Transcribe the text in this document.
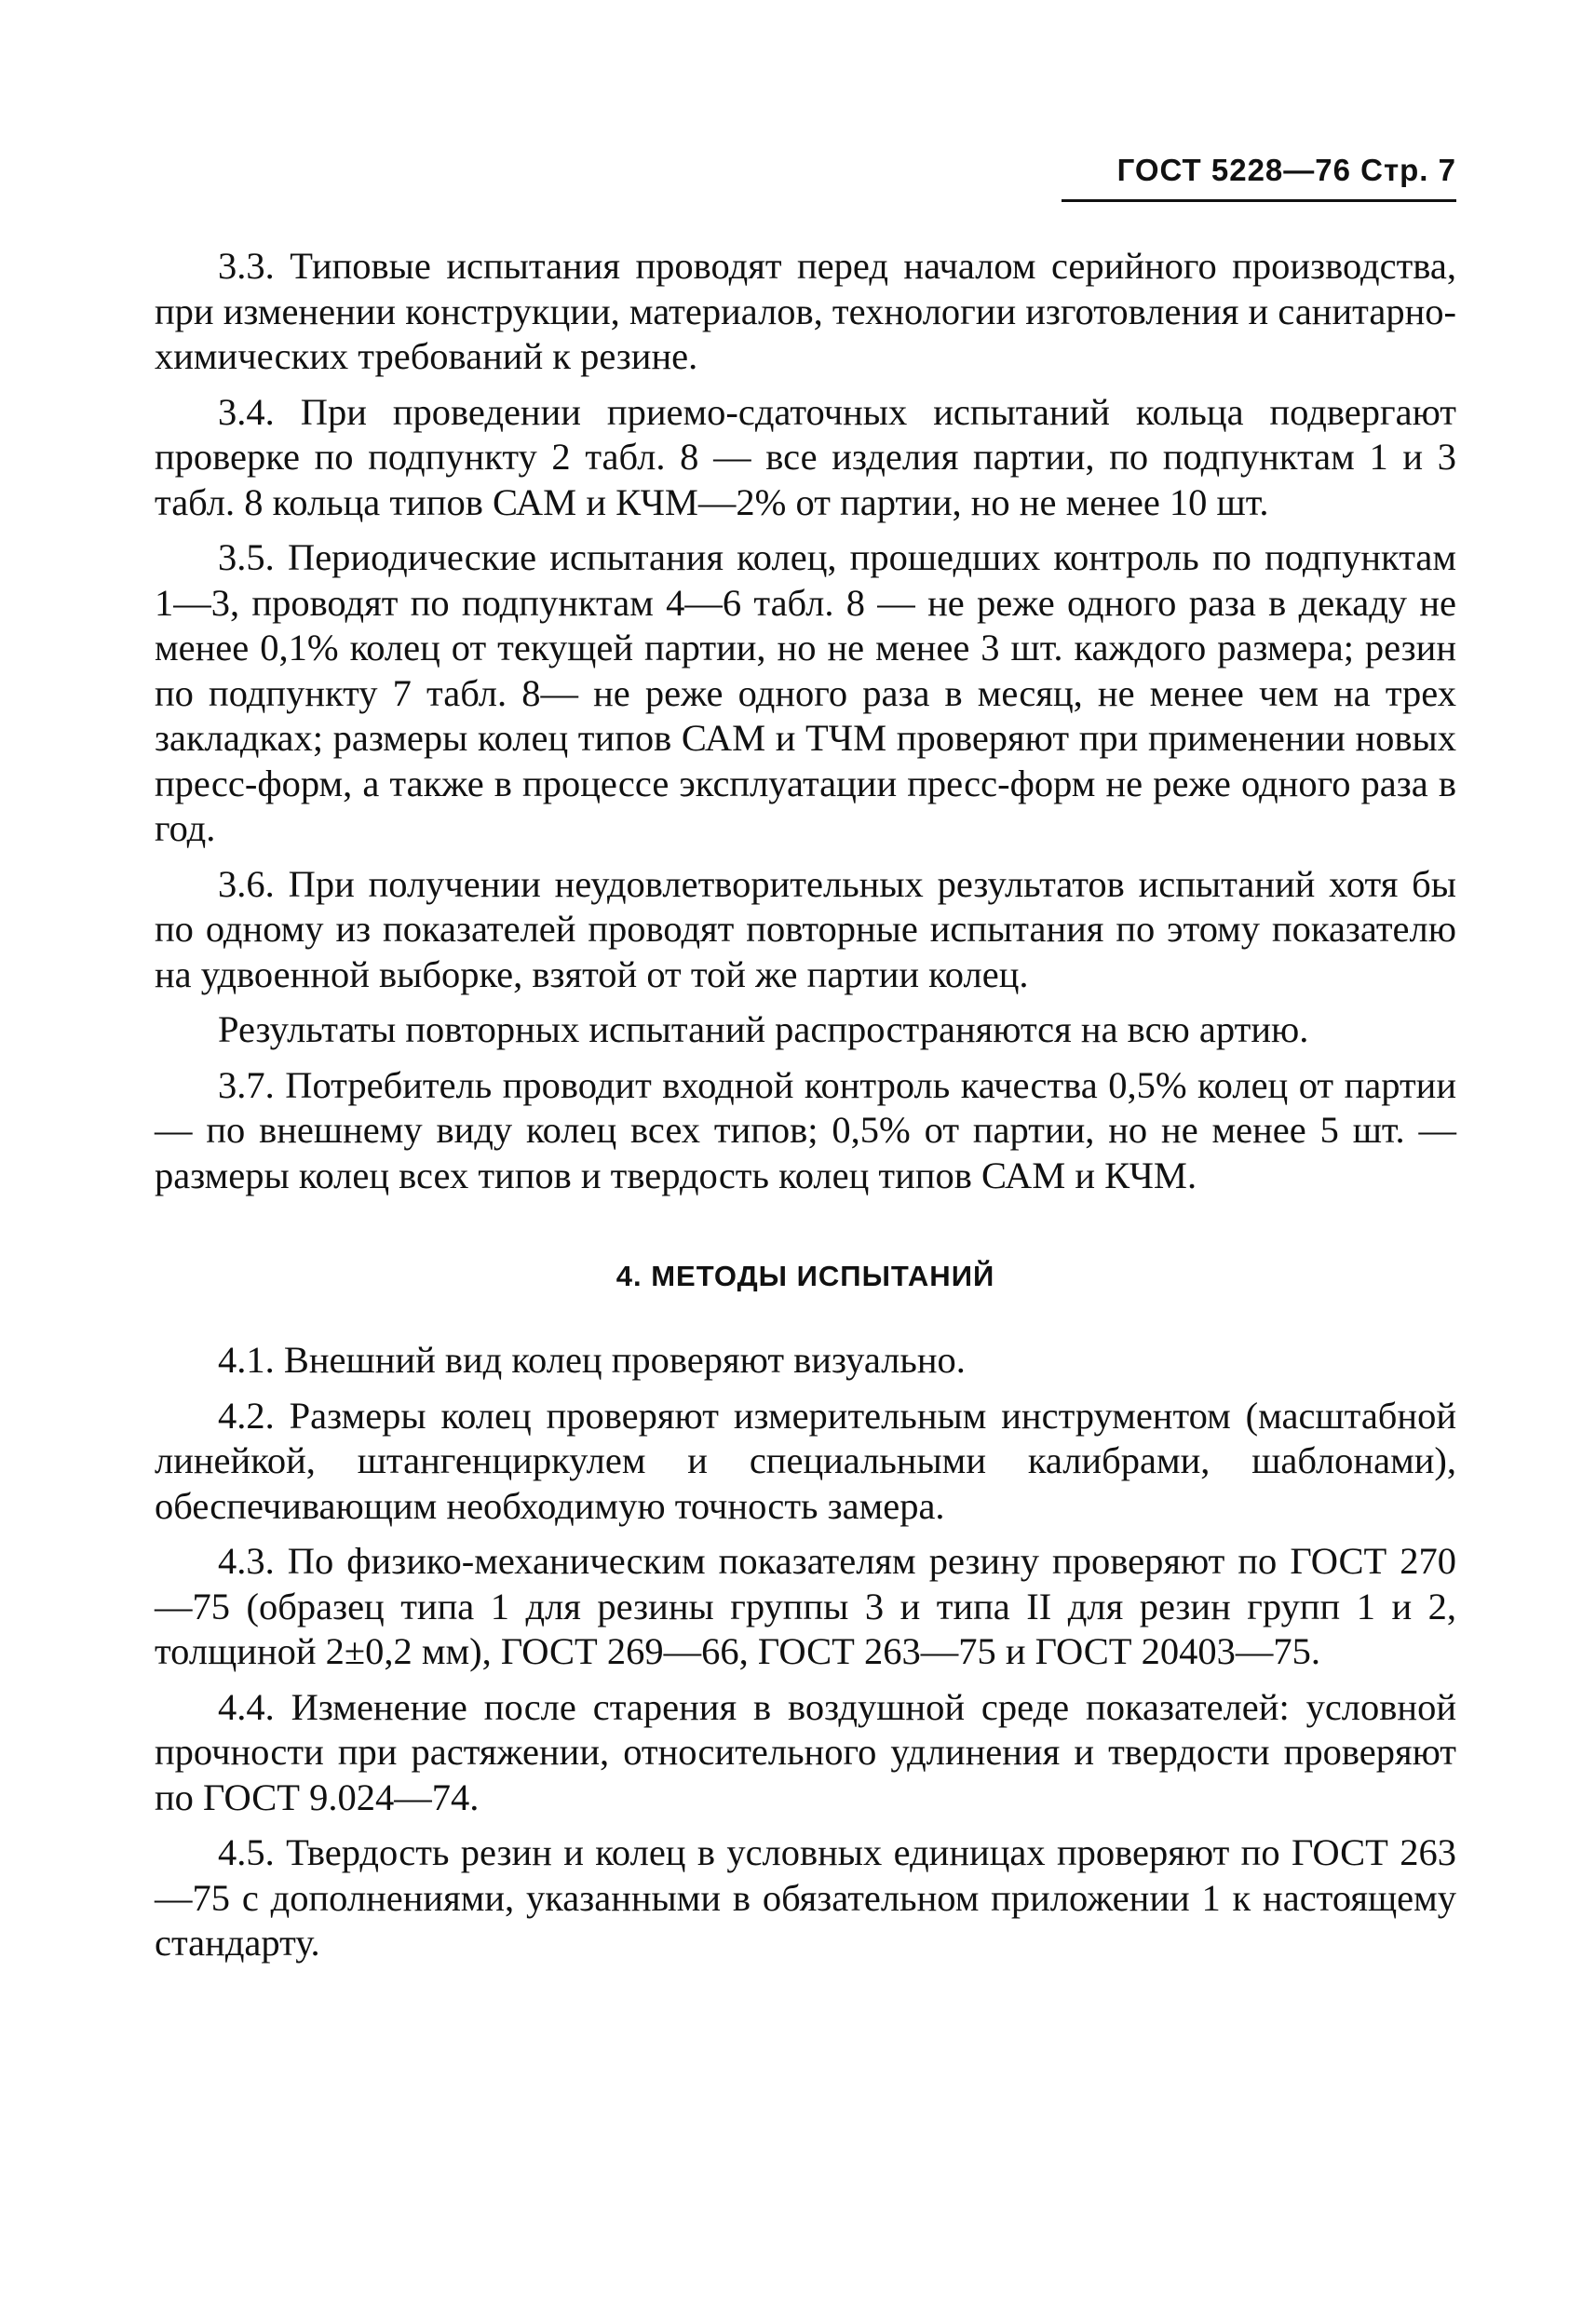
ГОСТ 5228—76 Стр. 7

3.3. Типовые испытания проводят перед началом серийного производства, при изменении конструкции, материалов, технологии изготовления и санитарно-химических требований к резине.

3.4. При проведении приемо-сдаточных испытаний кольца подвергают проверке по подпункту 2 табл. 8 — все изделия партии, по подпунктам 1 и 3 табл. 8 кольца типов САМ и КЧМ—2% от партии, но не менее 10 шт.

3.5. Периодические испытания колец, прошедших контроль по подпунктам 1—3, проводят по подпунктам 4—6 табл. 8 — не реже одного раза в декаду не менее 0,1% колец от текущей партии, но не менее 3 шт. каждого размера; резин по подпункту 7 табл. 8— не реже одного раза в месяц, не менее чем на трех закладках; размеры колец типов САМ и ТЧМ проверяют при применении новых пресс-форм, а также в процессе эксплуатации пресс-форм не реже одного раза в год.

3.6. При получении неудовлетворительных результатов испытаний хотя бы по одному из показателей проводят повторные испытания по этому показателю на удвоенной выборке, взятой от той же партии колец.

Результаты повторных испытаний распространяются на всю артию.

3.7. Потребитель проводит входной контроль качества 0,5% колец от партии — по внешнему виду колец всех типов; 0,5% от партии, но не менее 5 шт. — размеры колец всех типов и твердость колец типов САМ и КЧМ.

4. МЕТОДЫ ИСПЫТАНИЙ

4.1. Внешний вид колец проверяют визуально.

4.2. Размеры колец проверяют измерительным инструментом (масштабной линейкой, штангенциркулем и специальными калибрами, шаблонами), обеспечивающим необходимую точность замера.

4.3. По физико-механическим показателям резину проверяют по ГОСТ 270—75 (образец типа 1 для резины группы 3 и типа II для резин групп 1 и 2, толщиной 2±0,2 мм), ГОСТ 269—66, ГОСТ 263—75 и ГОСТ 20403—75.

4.4. Изменение после старения в воздушной среде показателей: условной прочности при растяжении, относительного удлинения и твердости проверяют по ГОСТ 9.024—74.

4.5. Твердость резин и колец в условных единицах проверяют по ГОСТ 263—75 с дополнениями, указанными в обязательном приложении 1 к настоящему стандарту.
